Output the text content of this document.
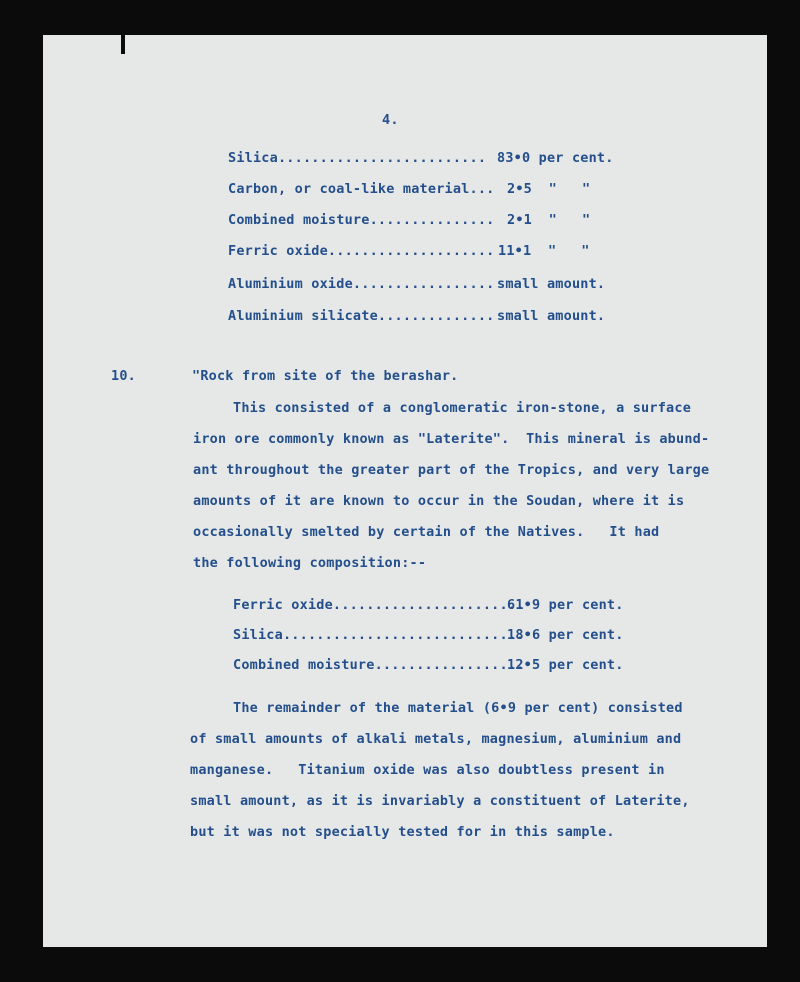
4.
Silica......................... 83•0 per cent.
Carbon, or coal-like material... 2•5  "   "
Combined moisture............... 2•1  "   "
Ferric oxide.................... 11•1  "   "
Aluminium oxide................. small amount.
Aluminium silicate.............. small amount.
10.	"Rock from site of the berashar.
This consisted of a conglomeratic iron-stone, a surface
iron ore commonly known as "Laterite".  This mineral is abund-
ant throughout the greater part of the Tropics, and very large
amounts of it are known to occur in the Soudan, where it is
occasionally smelted by certain of the Natives.   It had
the following composition:--
Ferric oxide.......................
61•9 per cent.
Silica.............................
18•6 per cent.
Combined moisture..................
12•5 per cent.
The remainder of the material (6•9 per cent) consisted
of small amounts of alkali metals, magnesium, aluminium and
manganese.   Titanium oxide was also doubtless present in
small amount, as it is invariably a constituent of Laterite,
but it was not specially tested for in this sample.
